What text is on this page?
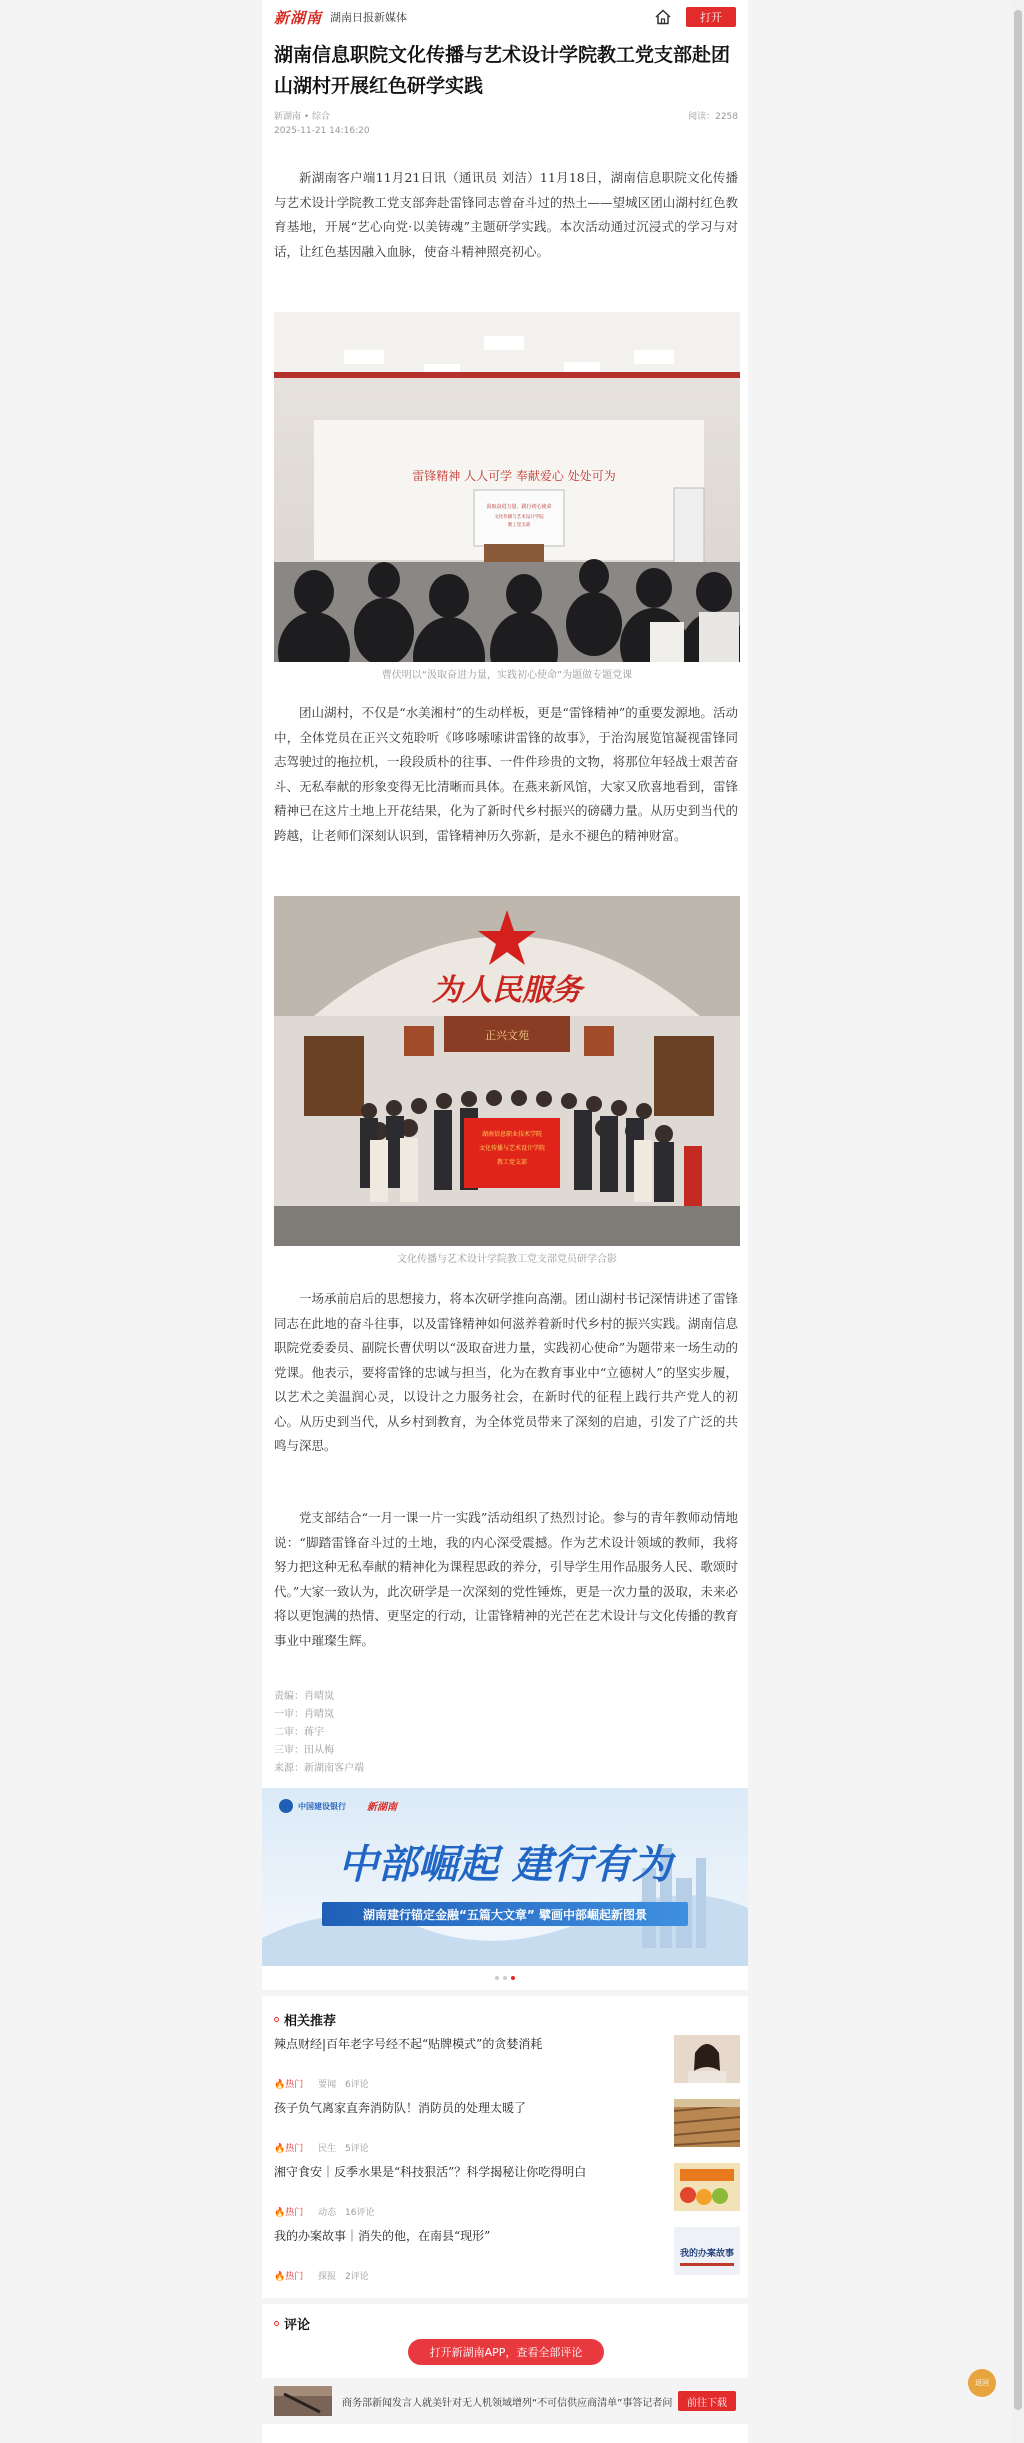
新湖南 湖南日报新媒体	打开
湖南信息职院文化传播与艺术设计学院教工党支部赴团山湖村开展红色研学实践
新湖南 • 综合	阅读：2258
2025-11-21 14:16:20

新湖南客户端11月21日讯（通讯员 刘洁）11月18日，湖南信息职院文化传播与艺术设计学院教工党支部奔赴雷锋同志曾奋斗过的热土——望城区团山湖村红色教育基地，开展“艺心向党·以美铸魂”主题研学实践。本次活动通过沉浸式的学习与对话，让红色基因融入血脉，使奋斗精神照亮初心。

雷锋精神 人人可学 奉献爱心 处处可为
汲取奋进力量，践行初心使命
文化传播与艺术设计学院
教工党支部
曹伏明以“汲取奋进力量，实践初心使命”为题做专题党课

团山湖村，不仅是“水美湘村”的生动样板，更是“雷锋精神”的重要发源地。活动中，全体党员在正兴文苑聆听《哆哆嗦嗦讲雷锋的故事》，于治沟展览馆凝视雷锋同志驾驶过的拖拉机，一段段质朴的往事、一件件珍贵的文物，将那位年轻战士艰苦奋斗、无私奉献的形象变得无比清晰而具体。在燕来新风馆，大家又欣喜地看到，雷锋精神已在这片土地上开花结果，化为了新时代乡村振兴的磅礴力量。从历史到当代的跨越，让老师们深刻认识到，雷锋精神历久弥新，是永不褪色的精神财富。

为人民服务
正兴文苑
湖南信息职业技术学院
文化传播与艺术设计学院
教工党支部
文化传播与艺术设计学院教工党支部党员研学合影

一场承前启后的思想接力，将本次研学推向高潮。团山湖村书记深情讲述了雷锋同志在此地的奋斗往事，以及雷锋精神如何滋养着新时代乡村的振兴实践。湖南信息职院党委委员、副院长曹伏明以“汲取奋进力量，实践初心使命”为题带来一场生动的党课。他表示，要将雷锋的忠诚与担当，化为在教育事业中“立德树人”的坚实步履，以艺术之美温润心灵，以设计之力服务社会，在新时代的征程上践行共产党人的初心。从历史到当代，从乡村到教育，为全体党员带来了深刻的启迪，引发了广泛的共鸣与深思。

党支部结合“一月一课一片一实践”活动组织了热烈讨论。参与的青年教师动情地说：“脚踏雷锋奋斗过的土地，我的内心深受震撼。作为艺术设计领域的教师，我将努力把这种无私奉献的精神化为课程思政的养分，引导学生用作品服务人民、歌颂时代。”大家一致认为，此次研学是一次深刻的党性锤炼，更是一次力量的汲取，未来必将以更饱满的热情、更坚定的行动，让雷锋精神的光芒在艺术设计与文化传播的教育事业中璀璨生辉。

责编：肖晴岚
一审：肖晴岚
二审：蒋宇
三审：田从梅
来源：新湖南客户端
中国建设银行 新湖南
中部崛起 建行有为
湖南建行锚定金融“五篇大文章” 擘画中部崛起新图景
相关推荐
辣点财经|百年老字号经不起“贴牌模式”的贪婪消耗
🔥热门 要闻 6评论
孩子负气离家直奔消防队！消防员的处理太暖了
🔥热门 民生 5评论
湘守食安｜反季水果是“科技狠活”？科学揭秘让你吃得明白
🔥热门 动态 16评论
我的办案故事｜消失的他，在南县“现形”
🔥热门 探报 2评论
我的办案故事
评论
打开新湖南APP，查看全部评论
商务部新闻发言人就美针对无人机领域增列“不可信供应商清单”事答记者问	前往下载
返回
